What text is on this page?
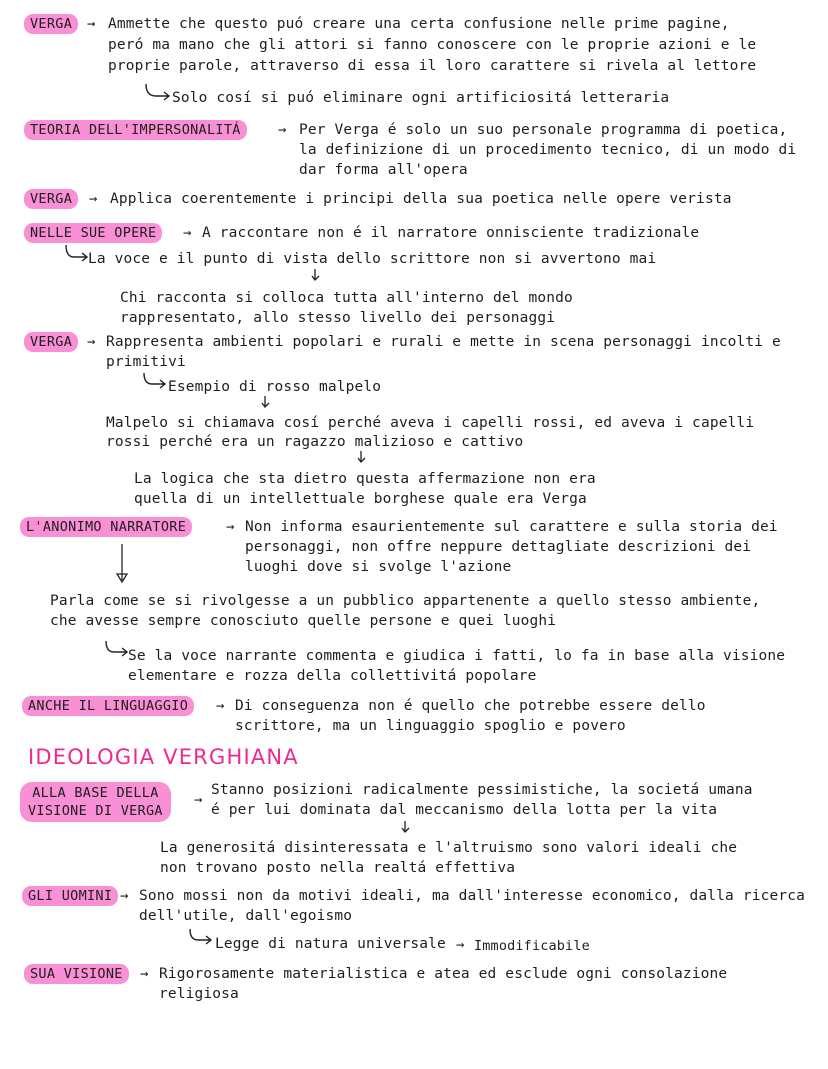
VERGA	→ Ammette che questo puó creare una certa confusione nelle prime pagine,
peró ma mano che gli attori si fanno conoscere con le proprie azioni e le
proprie parole, attraverso di essa il loro carattere si rivela al lettore
Solo cosí si puó eliminare ogni artificiositá letteraria
TEORIA DELL'IMPERSONALITÁ	→ Per Verga é solo un suo personale programma di poetica,
la definizione di un procedimento tecnico, di un modo di
dar forma all'opera
VERGA	→ Applica coerentemente i principi della sua poetica nelle opere verista
NELLE SUE OPERE	→ A raccontare non é il narratore onnisciente tradizionale
La voce e il punto di vista dello scrittore non si avvertono mai
Chi racconta si colloca tutta all'interno del mondo
rappresentato, allo stesso livello dei personaggi
VERGA	→ Rappresenta ambienti popolari e rurali e mette in scena personaggi incolti e
primitivi
Esempio di rosso malpelo
Malpelo si chiamava cosí perché aveva i capelli rossi, ed aveva i capelli
rossi perché era un ragazzo malizioso e cattivo
La logica che sta dietro questa affermazione non era
quella di un intellettuale borghese quale era Verga
L'ANONIMO NARRATORE	→ Non informa esaurientemente sul carattere e sulla storia dei
personaggi, non offre neppure dettagliate descrizioni dei
luoghi dove si svolge l'azione
Parla come se si rivolgesse a un pubblico appartenente a quello stesso ambiente,
che avesse sempre conosciuto quelle persone e quei luoghi
Se la voce narrante commenta e giudica i fatti, lo fa in base alla visione
elementare e rozza della collettivitá popolare
ANCHE IL LINGUAGGIO	→ Di conseguenza non é quello che potrebbe essere dello
scrittore, ma un linguaggio spoglio e povero
IDEOLOGIA VERGHIANA
ALLA BASE DELLA
VISIONE DI VERGA
→
Stanno posizioni radicalmente pessimistiche, la societá umana
é per lui dominata dal meccanismo della lotta per la vita
La generositá disinteressata e l'altruismo sono valori ideali che
non trovano posto nella realtá effettiva
GLI UOMINI → Sono mossi non da motivi ideali, ma dall'interesse economico, dalla ricerca
dell'utile, dall'egoismo
Legge di natura universale → Immodificabile
SUA VISIONE	→ Rigorosamente materialistica e atea ed esclude ogni consolazione
religiosa
